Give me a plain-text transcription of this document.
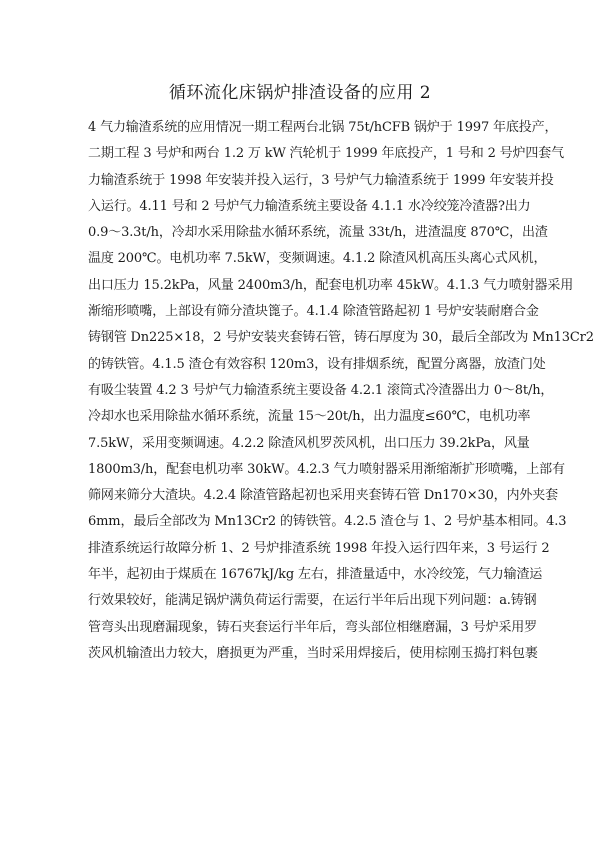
循环流化床锅炉排渣设备的应用 2
4 气力输渣系统的应用情况一期工程两台北锅 75t/hCFB 锅炉于 1997 年底投产，
二期工程 3 号炉和两台 1.2 万 kW 汽轮机于 1999 年底投产，1 号和 2 号炉四套气
力输渣系统于 1998 年安装并投入运行，3 号炉气力输渣系统于 1999 年安装并投
入运行。4.11 号和 2 号炉气力输渣系统主要设备 4.1.1 水冷绞笼冷渣器?出力
0.9～3.3t/h，冷却水采用除盐水循环系统，流量 33t/h，进渣温度 870℃，出渣
温度 200℃。电机功率 7.5kW，变频调速。4.1.2 除渣风机高压头离心式风机，
出口压力 15.2kPa，风量 2400m3/h，配套电机功率 45kW。4.1.3 气力喷射器采用
渐缩形喷嘴，上部设有筛分渣块篦子。4.1.4 除渣管路起初 1 号炉安装耐磨合金
铸钢管 Dn225×18，2 号炉安装夹套铸石管，铸石厚度为 30，最后全部改为 Mn13Cr2
的铸铁管。4.1.5 渣仓有效容积 120m3，设有排烟系统，配置分离器，放渣门处
有吸尘装置 4.2 3 号炉气力输渣系统主要设备 4.2.1 滚筒式冷渣器出力 0～8t/h，
冷却水也采用除盐水循环系统，流量 15～20t/h，出力温度≤60℃，电机功率
7.5kW，采用变频调速。4.2.2 除渣风机罗茨风机，出口压力 39.2kPa，风量
1800m3/h，配套电机功率 30kW。4.2.3 气力喷射器采用渐缩渐扩形喷嘴，上部有
筛网来筛分大渣块。4.2.4 除渣管路起初也采用夹套铸石管 Dn170×30，内外夹套
6mm，最后全部改为 Mn13Cr2 的铸铁管。4.2.5 渣仓与 1、2 号炉基本相同。4.3
排渣系统运行故障分析 1、2 号炉排渣系统 1998 年投入运行四年来，3 号运行 2
年半，起初由于煤质在 16767kJ/kg 左右，排渣量适中，水冷绞笼，气力输渣运
行效果较好，能满足锅炉满负荷运行需要，在运行半年后出现下列问题：a.铸钢
管弯头出现磨漏现象，铸石夹套运行半年后，弯头部位相继磨漏，3 号炉采用罗
茨风机输渣出力较大，磨损更为严重，当时采用焊接后，使用棕刚玉捣打料包裹
